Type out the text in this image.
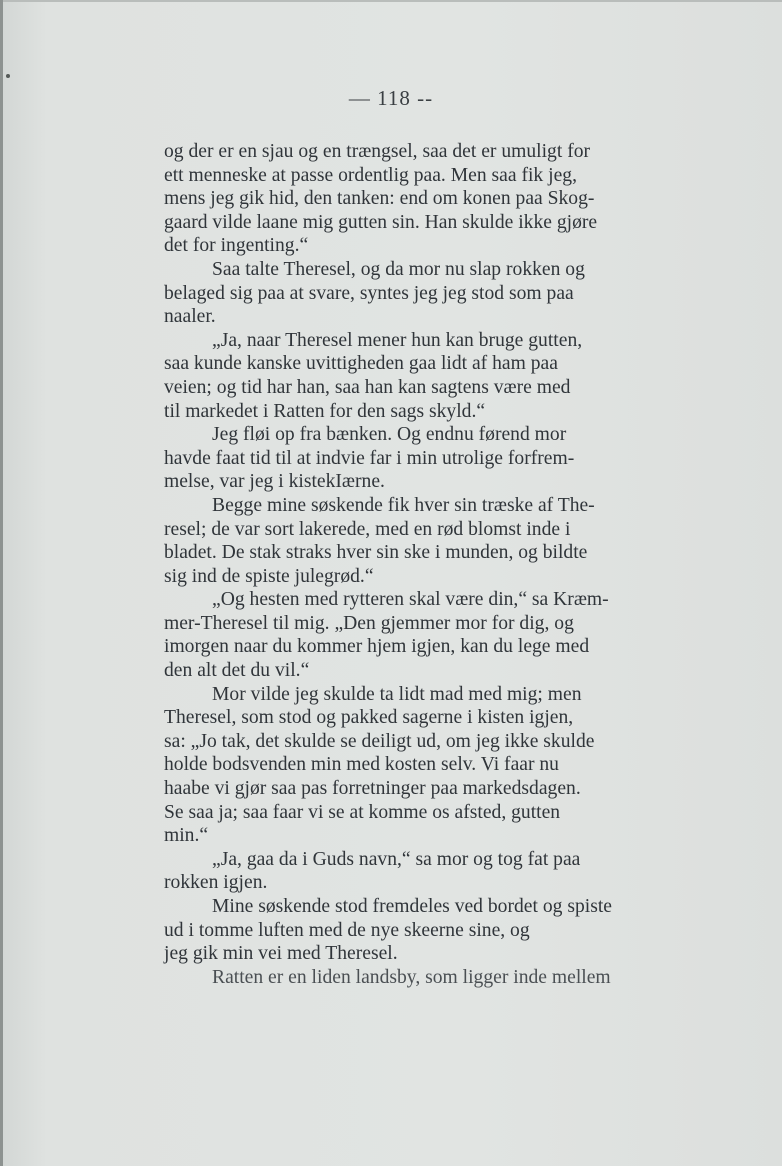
— 118 --
og der er en sjau og en trængsel, saa det er umuligt for
ett menneske at passe ordentlig paa. Men saa fik jeg,
mens jeg gik hid, den tanken: end om konen paa Skog-
gaard vilde laane mig gutten sin. Han skulde ikke gjøre
det for ingenting.“
Saa talte Theresel, og da mor nu slap rokken og
belaged sig paa at svare, syntes jeg jeg stod som paa
naaler.
„Ja, naar Theresel mener hun kan bruge gutten,
saa kunde kanske uvittigheden gaa lidt af ham paa
veien; og tid har han, saa han kan sagtens være med
til markedet i Ratten for den sags skyld.“
Jeg fløi op fra bænken. Og endnu førend mor
havde faat tid til at indvie far i min utrolige forfrem-
melse, var jeg i kistekIærne.
Begge mine søskende fik hver sin træske af The-
resel; de var sort lakerede, med en rød blomst inde i
bladet. De stak straks hver sin ske i munden, og bildte
sig ind de spiste julegrød.“
„Og hesten med rytteren skal være din,“ sa Kræm-
mer-Theresel til mig. „Den gjemmer mor for dig, og
imorgen naar du kommer hjem igjen, kan du lege med
den alt det du vil.“
Mor vilde jeg skulde ta lidt mad med mig; men
Theresel, som stod og pakked sagerne i kisten igjen,
sa: „Jo tak, det skulde se deiligt ud, om jeg ikke skulde
holde bodsvenden min med kosten selv. Vi faar nu
haabe vi gjør saa pas forretninger paa markedsdagen.
Se saa ja; saa faar vi se at komme os afsted, gutten
min.“
„Ja, gaa da i Guds navn,“ sa mor og tog fat paa
rokken igjen.
Mine søskende stod fremdeles ved bordet og spiste
ud i tomme luften med de nye skeerne sine, og
jeg gik min vei med Theresel.
Ratten er en liden landsby, som ligger inde mellem
